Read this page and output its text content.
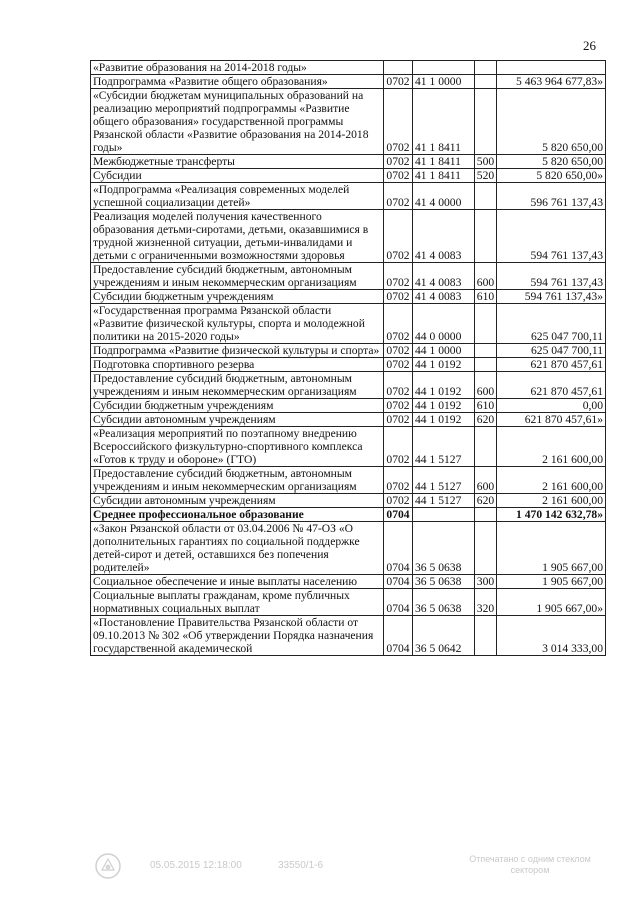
26
«Развитие образования на 2014-2018 годы»				
Подпрограмма «Развитие общего образования»	0702	41 1 0000		5 463 964 677,83»
«Субсидии бюджетам муниципальных образований на реализацию мероприятий подпрограммы «Развитие общего образования» государственной программы Рязанской области «Развитие образования на 2014-2018 годы»	0702	41 1 8411		5 820 650,00
Межбюджетные трансферты	0702	41 1 8411	500	5 820 650,00
Субсидии	0702	41 1 8411	520	5 820 650,00»
«Подпрограмма «Реализация современных моделей успешной социализации детей»	0702	41 4 0000		596 761 137,43
Реализация моделей получения качественного образования детьми-сиротами, детьми, оказавшимися в трудной жизненной ситуации, детьми-инвалидами и детьми с ограниченными возможностями здоровья	0702	41 4 0083		594 761 137,43
Предоставление субсидий бюджетным, автономным учреждениям и иным некоммерческим организациям	0702	41 4 0083	600	594 761 137,43
Субсидии бюджетным учреждениям	0702	41 4 0083	610	594 761 137,43»
«Государственная программа Рязанской области «Развитие физической культуры, спорта и молодежной политики на 2015-2020 годы»	0702	44 0 0000		625 047 700,11
Подпрограмма «Развитие физической культуры и спорта»	0702	44 1 0000		625 047 700,11
Подготовка спортивного резерва	0702	44 1 0192		621 870 457,61
Предоставление субсидий бюджетным, автономным учреждениям и иным некоммерческим организациям	0702	44 1 0192	600	621 870 457,61
Субсидии бюджетным учреждениям	0702	44 1 0192	610	0,00
Субсидии автономным учреждениям	0702	44 1 0192	620	621 870 457,61»
«Реализация мероприятий по поэтапному внедрению Всероссийского физкультурно-спортивного комплекса «Готов к труду и обороне» (ГТО)	0702	44 1 5127		2 161 600,00
Предоставление субсидий бюджетным, автономным учреждениям и иным некоммерческим организациям	0702	44 1 5127	600	2 161 600,00
Субсидии автономным учреждениям	0702	44 1 5127	620	2 161 600,00
Среднее профессиональное образование	0704			1 470 142 632,78»
«Закон Рязанской области от 03.04.2006 № 47-ОЗ «О дополнительных гарантиях по социальной поддержке детей-сирот и детей, оставшихся без попечения родителей»	0704	36 5 0638		1 905 667,00
Социальное обеспечение и иные выплаты населению	0704	36 5 0638	300	1 905 667,00
Социальные выплаты гражданам, кроме публичных нормативных социальных выплат	0704	36 5 0638	320	1 905 667,00»
«Постановление Правительства Рязанской области от 09.10.2013 № 302 «Об утверждении Порядка назначения государственной академической	0704	36 5 0642		3 014 333,00
05.05.2015 12:18:00	33550/1-6
Отпечатано с одним стеклом сектором
